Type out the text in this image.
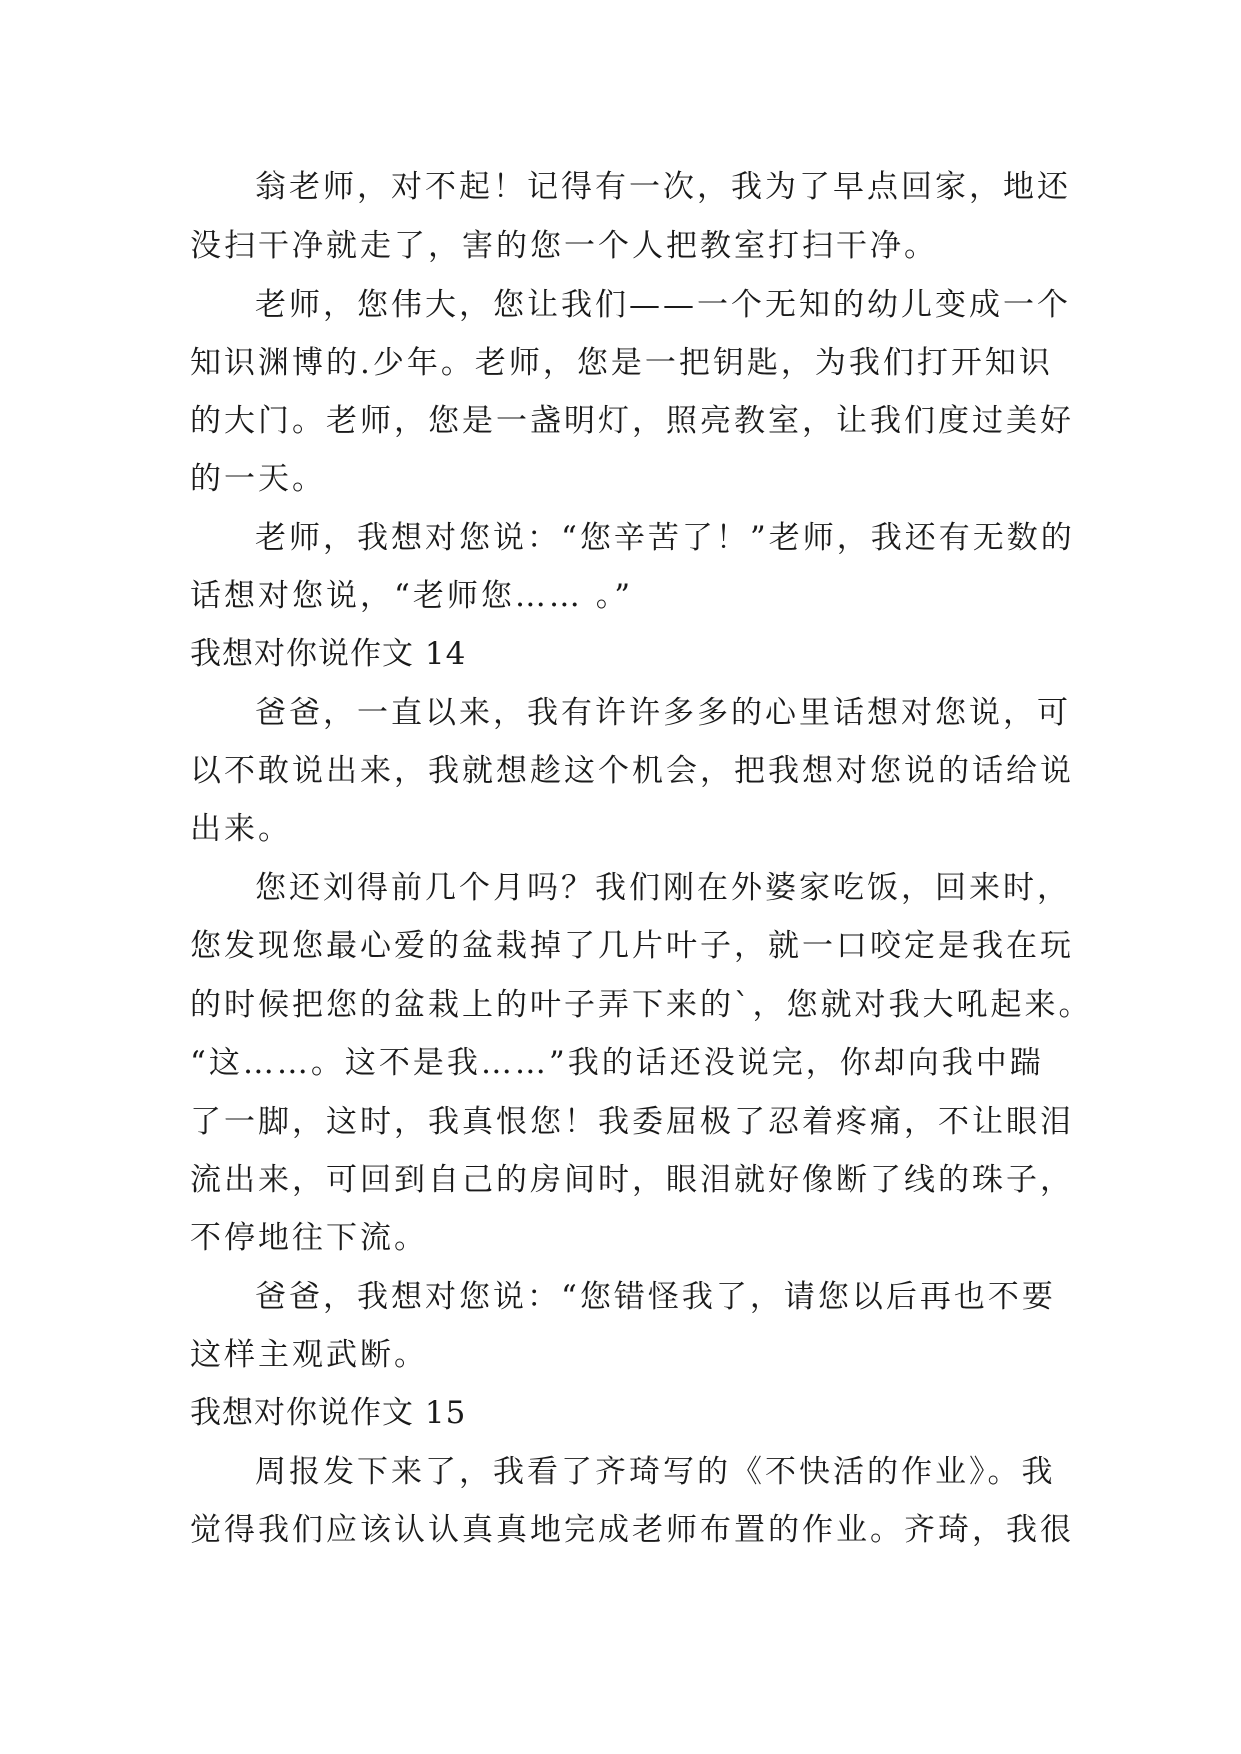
翁老师，对不起！记得有一次，我为了早点回家，地还
没扫干净就走了，害的您一个人把教室打扫干净。
老师，您伟大，您让我们——一个无知的幼儿变成一个
知识渊博的.少年。老师，您是一把钥匙，为我们打开知识
的大门。老师，您是一盏明灯，照亮教室，让我们度过美好
的一天。
老师，我想对您说：“您辛苦了！”老师，我还有无数的
话想对您说，“老师您…… 。”
我想对你说作文 14
爸爸，一直以来，我有许许多多的心里话想对您说，可
以不敢说出来，我就想趁这个机会，把我想对您说的话给说
出来。
您还刘得前几个月吗？我们刚在外婆家吃饭，回来时，
您发现您最心爱的盆栽掉了几片叶子，就一口咬定是我在玩
的时候把您的盆栽上的叶子弄下来的`，您就对我大吼起来。
“这……。这不是我……”我的话还没说完，你却向我中踹
了一脚，这时，我真恨您！我委屈极了忍着疼痛，不让眼泪
流出来，可回到自己的房间时，眼泪就好像断了线的珠子，
不停地往下流。
爸爸，我想对您说：“您错怪我了，请您以后再也不要
这样主观武断。
我想对你说作文 15
周报发下来了，我看了齐琦写的《不快活的作业》。我
觉得我们应该认认真真地完成老师布置的作业。齐琦，我很
